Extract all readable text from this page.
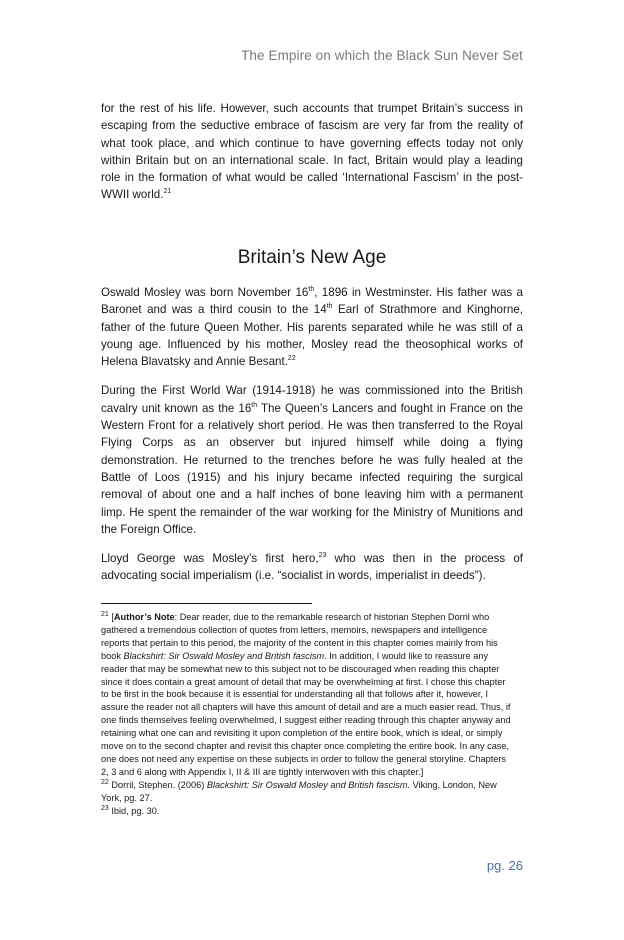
The Empire on which the Black Sun Never Set

for the rest of his life. However, such accounts that trumpet Britain’s success in escaping from the seductive embrace of fascism are very far from the reality of what took place, and which continue to have governing effects today not only within Britain but on an international scale. In fact, Britain would play a leading role in the formation of what would be called ‘International Fascism’ in the post-WWII world.$^{21}$

Britain’s New Age

Oswald Mosley was born November 16th, 1896 in Westminster. His father was a Baronet and was a third cousin to the 14th Earl of Strathmore and Kinghorne, father of the future Queen Mother. His parents separated while he was still of a young age. Influenced by his mother, Mosley read the theosophical works of Helena Blavatsky and Annie Besant.$^{22}$

During the First World War (1914-1918) he was commissioned into the British cavalry unit known as the 16th The Queen’s Lancers and fought in France on the Western Front for a relatively short period. He was then transferred to the Royal Flying Corps as an observer but injured himself while doing a flying demonstration. He returned to the trenches before he was fully healed at the Battle of Loos (1915) and his injury became infected requiring the surgical removal of about one and a half inches of bone leaving him with a permanent limp. He spent the remainder of the war working for the Ministry of Munitions and the Foreign Office.

Lloyd George was Mosley’s first hero,$^{23}$ who was then in the process of advocating social imperialism (i.e. “socialist in words, imperialist in deeds”).

$^{21}$ [Author’s Note: Dear reader, due to the remarkable research of historian Stephen Dorril who gathered a tremendous collection of quotes from letters, memoirs, newspapers and intelligence reports that pertain to this period, the majority of the content in this chapter comes mainly from his book Blackshirt: Sir Oswald Mosley and British fascism. In addition, I would like to reassure any reader that may be somewhat new to this subject not to be discouraged when reading this chapter since it does contain a great amount of detail that may be overwhelming at first. I chose this chapter to be first in the book because it is essential for understanding all that follows after it, however, I assure the reader not all chapters will have this amount of detail and are a much easier read. Thus, if one finds themselves feeling overwhelmed, I suggest either reading through this chapter anyway and retaining what one can and revisiting it upon completion of the entire book, which is ideal, or simply move on to the second chapter and revisit this chapter once completing the entire book. In any case, one does not need any expertise on these subjects in order to follow the general storyline. Chapters 2, 3 and 6 along with Appendix I, II & III are tightly interwoven with this chapter.]

$^{22}$ Dorril, Stephen. (2006) Blackshirt: Sir Oswald Mosley and British fascism. Viking, London, New York, pg. 27.

$^{23}$ Ibid, pg. 30.

pg. 26
